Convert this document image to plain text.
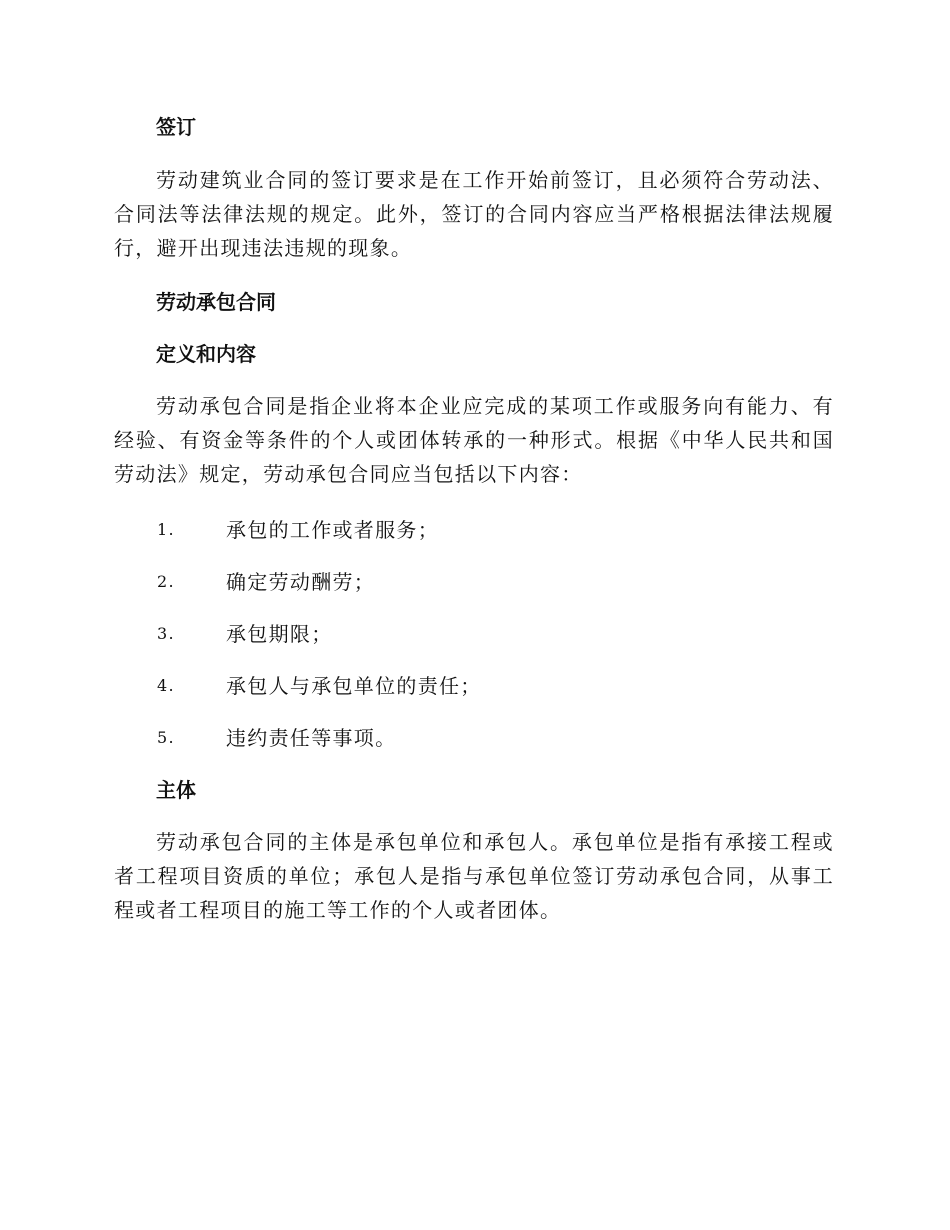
签订

劳动建筑业合同的签订要求是在工作开始前签订，且必须符合劳动法、合同法等法律法规的规定。此外，签订的合同内容应当严格根据法律法规履行，避开出现违法违规的现象。

劳动承包合同
定义和内容

劳动承包合同是指企业将本企业应完成的某项工作或服务向有能力、有经验、有资金等条件的个人或团体转承的一种形式。根据《中华人民共和国劳动法》规定，劳动承包合同应当包括以下内容：

1.	承包的工作或者服务；
2.	确定劳动酬劳；
3.	承包期限；
4.	承包人与承包单位的责任；
5.	违约责任等事项。
主体

劳动承包合同的主体是承包单位和承包人。承包单位是指有承接工程或者工程项目资质的单位；承包人是指与承包单位签订劳动承包合同，从事工程或者工程项目的施工等工作的个人或者团体。
